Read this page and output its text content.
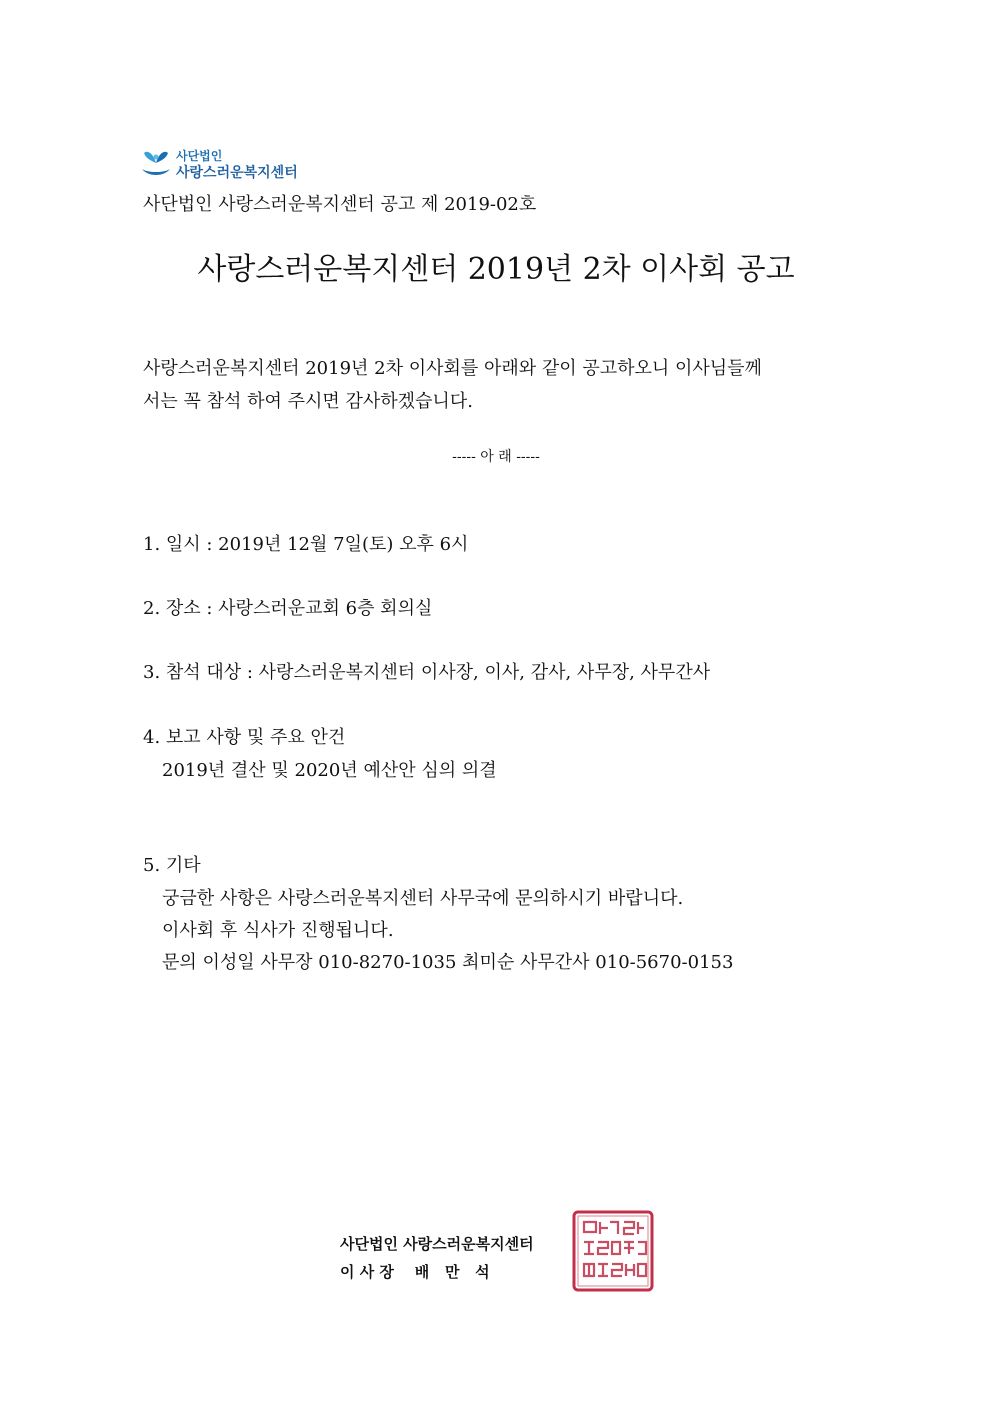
사단법인
사랑스러운복지센터
사단법인 사랑스러운복지센터 공고 제 2019-02호
사랑스러운복지센터 2019년 2차 이사회 공고
사랑스러운복지센터 2019년 2차 이사회를 아래와 같이 공고하오니 이사님들께
서는 꼭 참석 하여 주시면 감사하겠습니다.
----- 아 래 -----
1. 일시 : 2019년 12월 7일(토) 오후 6시
2. 장소 : 사랑스러운교회 6층 회의실
3. 참석 대상 : 사랑스러운복지센터 이사장, 이사, 감사, 사무장, 사무간사
4. 보고 사항 및 주요 안건
2019년 결산 및 2020년 예산안 심의 의결
5. 기타
궁금한 사항은 사랑스러운복지센터 사무국에 문의하시기 바랍니다.
이사회 후 식사가 진행됩니다.
문의 이성일 사무장 010-8270-1035 최미순 사무간사 010-5670-0153
사단법인 사랑스러운복지센터
이 사 장    배   만   석
